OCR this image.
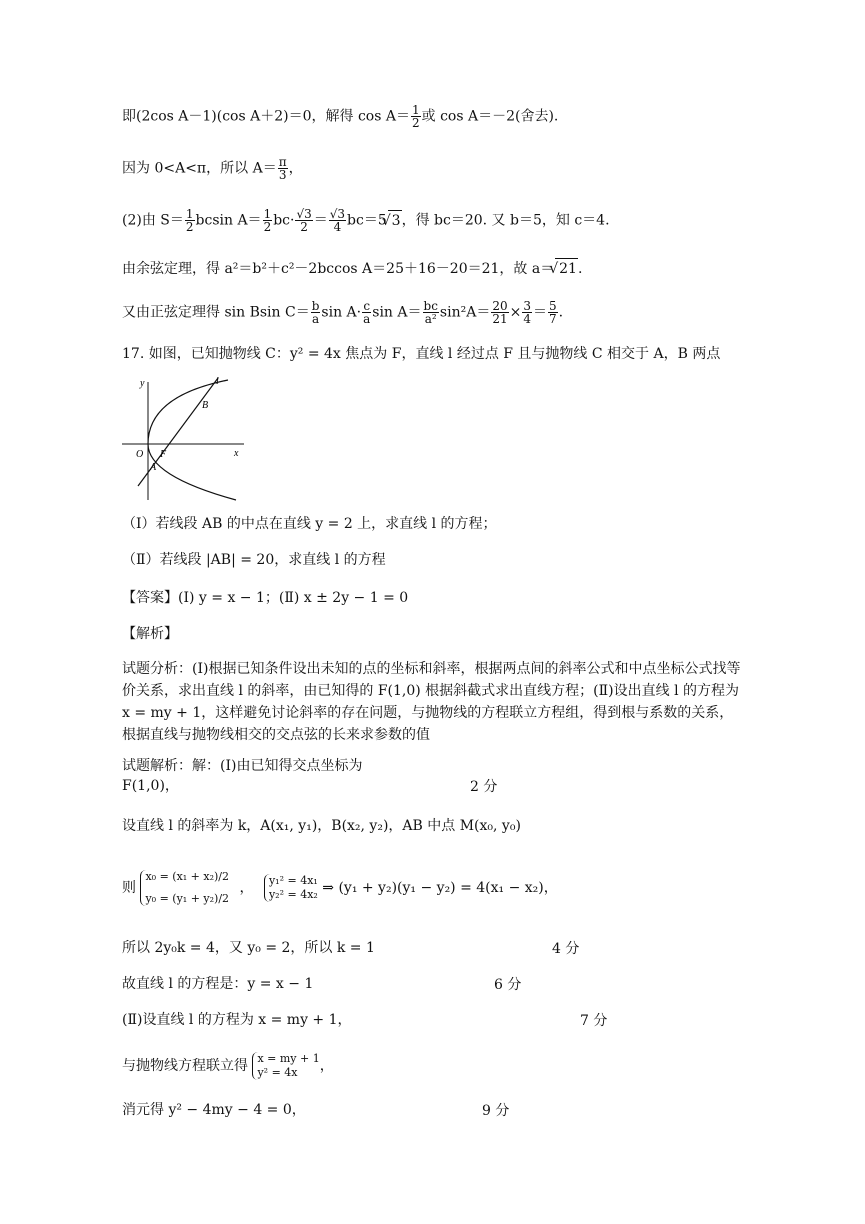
即(2cos A－1)(cos A＋2)＝0，解得 $\cos A= \frac{1}{2}$ 或 cos A＝－2(舍去).
因为 0<A<π，所以 $A= \frac{\pi}{3}$ ，
(2)由 $S= \frac{1}{2}$ bcsin $A= \frac{1}{2} bc\cdot \frac{√3}{2} = \frac{√3}{4} bc=5√$ 3，得 bc＝20. 又 b＝5，知 c＝4.
由余弦定理，得 a²＝b²＋c²－2bccos A＝25＋16－20＝21，故 a＝√ 21.
又由正弦定理得 sin Bsin $C= \frac{b}{a}$ $\sin A\cdot \frac{c}{a}$ $\sin A= \frac{bc}{\text{a²}} \sin^2A= \frac{20}{21} \times \frac{3}{4} = \frac{5}{7}$ .
17. 如图，已知抛物线 C：y² = 4x 焦点为 F，直线 l 经过点 F 且与抛物线 C 相交于 A，B 两点
y
x
l
B
O F
A
（Ⅰ）若线段 AB 的中点在直线 y = 2 上，求直线 l 的方程；
（Ⅱ）若线段 |AB| = 20，求直线 l 的方程
【答案】(Ⅰ) y = x − 1；(Ⅱ) x ± 2y − 1 = 0
【解析】
试题分析：(Ⅰ)根据已知条件设出未知的点的坐标和斜率，根据两点间的斜率公式和中点坐标公式找等价关系，求出直线 l 的斜率，由已知得的 F(1,0) 根据斜截式求出直线方程；(Ⅱ)设出直线 l 的方程为 x = my + 1，这样避免讨论斜率的存在问题，与抛物线的方程联立方程组，得到根与系数的关系，根据直线与抛物线相交的交点弦的长来求参数的值
试题解析：解：(Ⅰ)由已知得交点坐标为
F(1,0)，	2 分
设直线 l 的斜率为 k，A(x₁, y₁)，B(x₂, y₂)，AB 中点 M(x₀, y₀)
则
x₀ = (x₁ + x₂)/2
y₀ = (y₁ + y₂)/2
， y₁² = 4x₁
y₂² = 4x₂ ⇒ (y₁ + y₂)(y₁ − y₂) = 4(x₁ − x₂)，
所以 2y₀k = 4，又 y₀ = 2，所以 k = 1	4 分
故直线 l 的方程是：y = x − 1	6 分
(Ⅱ)设直线 l 的方程为 x = my + 1，	7 分
与抛物线方程联立得 x = my + 1
y² = 4x	，
消元得 y² − 4my − 4 = 0，	9 分
